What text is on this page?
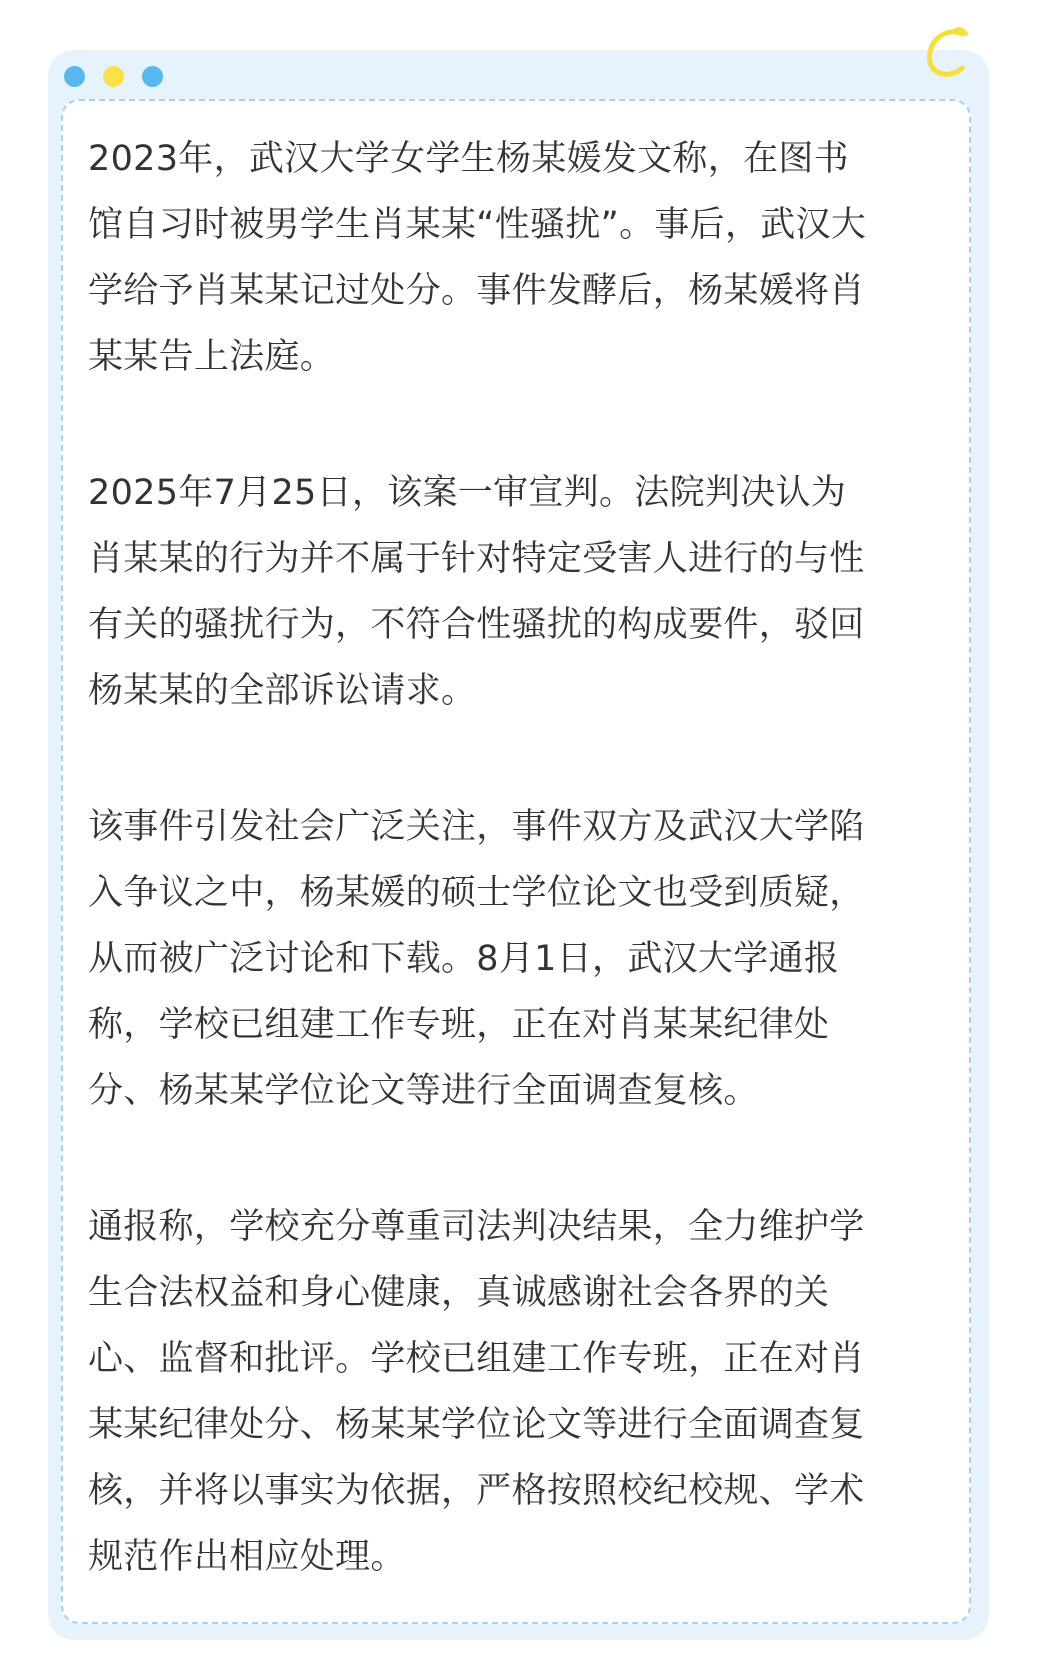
2023年，武汉大学女学生杨某媛发文称，在图书
馆自习时被男学生肖某某“性骚扰”。事后，武汉大
学给予肖某某记过处分。事件发酵后，杨某媛将肖
某某告上法庭。

2025年7月25日，该案一审宣判。法院判决认为
肖某某的行为并不属于针对特定受害人进行的与性
有关的骚扰行为，不符合性骚扰的构成要件，驳回
杨某某的全部诉讼请求。

该事件引发社会广泛关注，事件双方及武汉大学陷
入争议之中，杨某媛的硕士学位论文也受到质疑，
从而被广泛讨论和下载。8月1日，武汉大学通报
称，学校已组建工作专班，正在对肖某某纪律处
分、杨某某学位论文等进行全面调查复核。

通报称，学校充分尊重司法判决结果，全力维护学
生合法权益和身心健康，真诚感谢社会各界的关
心、监督和批评。学校已组建工作专班，正在对肖
某某纪律处分、杨某某学位论文等进行全面调查复
核，并将以事实为依据，严格按照校纪校规、学术
规范作出相应处理。
